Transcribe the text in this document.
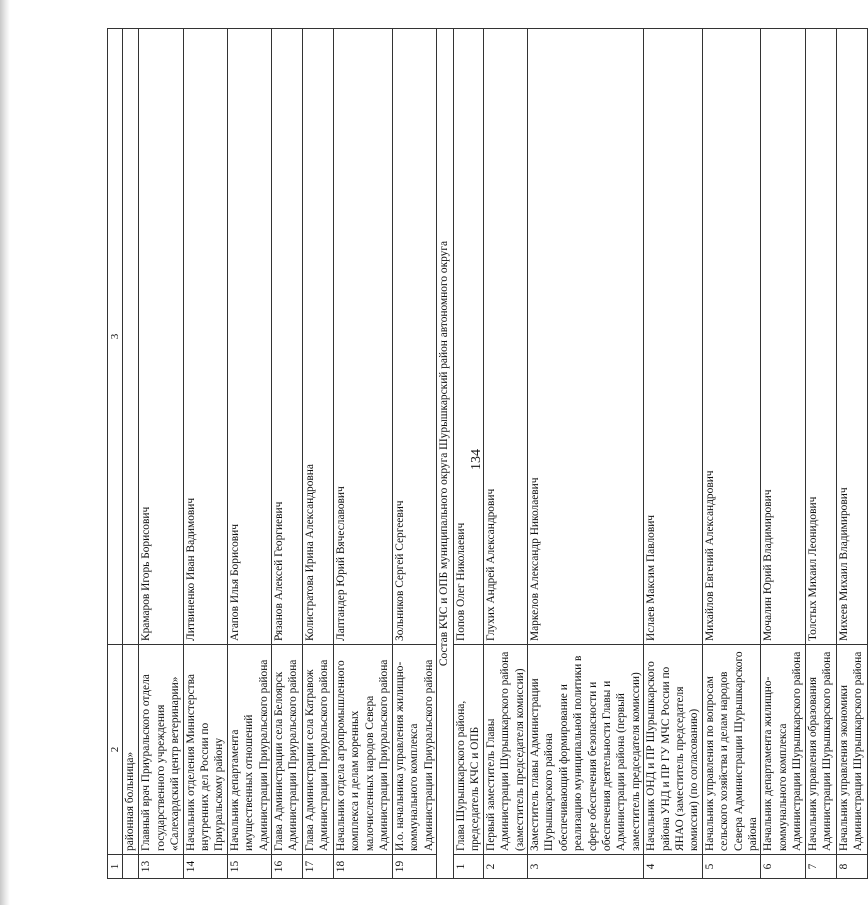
134
1	2	3
	районная больница»	
13	Главный врач Приуральского отдела государственного учреждения «Салехардский центр ветеринарии»	Крамаров Игорь Борисович
14	Начальник отделения Министерства внутренних дел России по Приуральскому району	Литвиненко Иван Вадимович
15	Начальник департамента имущественных отношений Администрации Приуральского района	Агапов Илья Борисович
16	Глава Администрации села Белоярск Администрации Приуральского района	Рязанов Алексей Георгиевич
17	Глава Администрации села Катравож Администрации Приуральского района	Колистратова Ирина Александровна
18	Начальник отдела агропромышленного комплекса и делам коренных малочисленных народов Севера Администрации Приуральского района	Лаптандер Юрий Вячеславович
19	И.о. начальника управления жилищно-коммунального комплекса Администрации Приуральского района	Зольников Сергей Сергеевич
Состав КЧС и ОПБ муниципального округа Шурышкарский район автономного округа		
1	Глава Шурышкарского района, председатель КЧС и ОПБ	Попов Олег Николаевич
2	Первый заместитель Главы Администрации Шурышкарского района (заместитель председателя комиссии)	Глухих Андрей Александрович
3	Заместитель главы Администрации Шурышкарского района обеспечивающий формирование и реализацию муниципальной политики в сфере обеспечения безопасности и обеспечения деятельности Главы и Администрации района (первый заместитель председателя комиссии)	Маркелов Александр Николаевич
4	Начальник ОНД и ПР Шурышкарского района УНД и ПР ГУ МЧС России по ЯНАО (заместитель председателя комиссии) (по согласованию)	Ислаев Максим Павлович
5	Начальник управления по вопросам сельского хозяйства и делам народов Севера Администрации Шурышкарского района	Михайлов Евгений Александрович
6	Начальник департамента жилищно-коммунального комплекса Администрации Шурышкарского района	Мочалин Юрий Владимирович
7	Начальник управления образования Администрации Шурышкарского района	Толстых Михаил Леонидович
8	Начальник управления экономики Администрации Шурышкарского района	Михеев Михаил Владимирович
